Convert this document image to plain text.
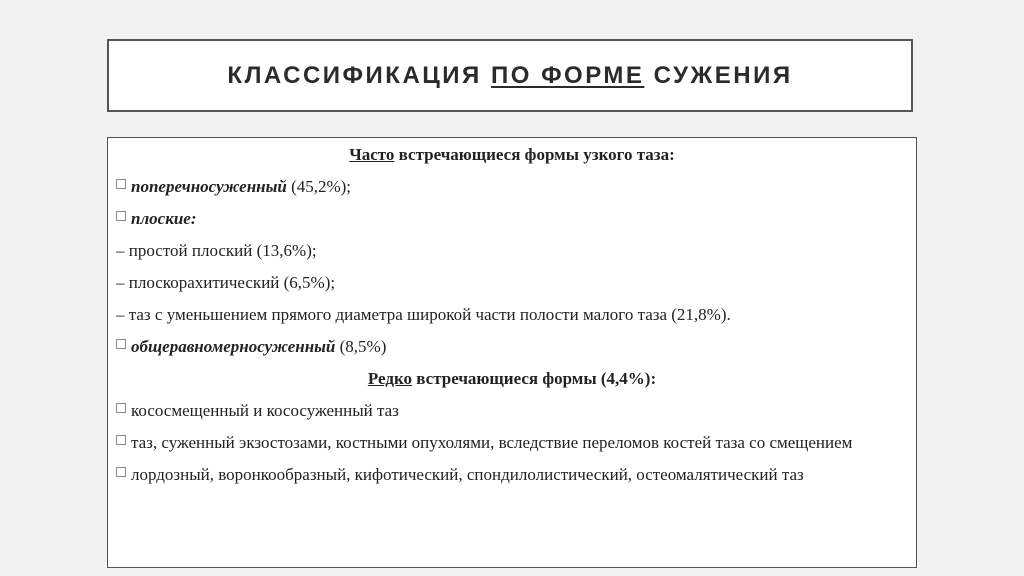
КЛАССИФИКАЦИЯ ПО ФОРМЕ СУЖЕНИЯ
Часто встречающиеся формы узкого таза:
поперечносуженный (45,2%);
плоские:
– простой плоский (13,6%);
– плоскорахитический (6,5%);
– таз с уменьшением прямого диаметра широкой части полости малого таза (21,8%).
общеравномерносуженный (8,5%)
Редко встречающиеся формы (4,4%):
кососмещенный и кососуженный таз
таз, суженный экзостозами, костными опухолями, вследствие переломов костей таза со смещением
лордозный, воронкообразный, кифотический, спондилолистический, остеомалятический таз
